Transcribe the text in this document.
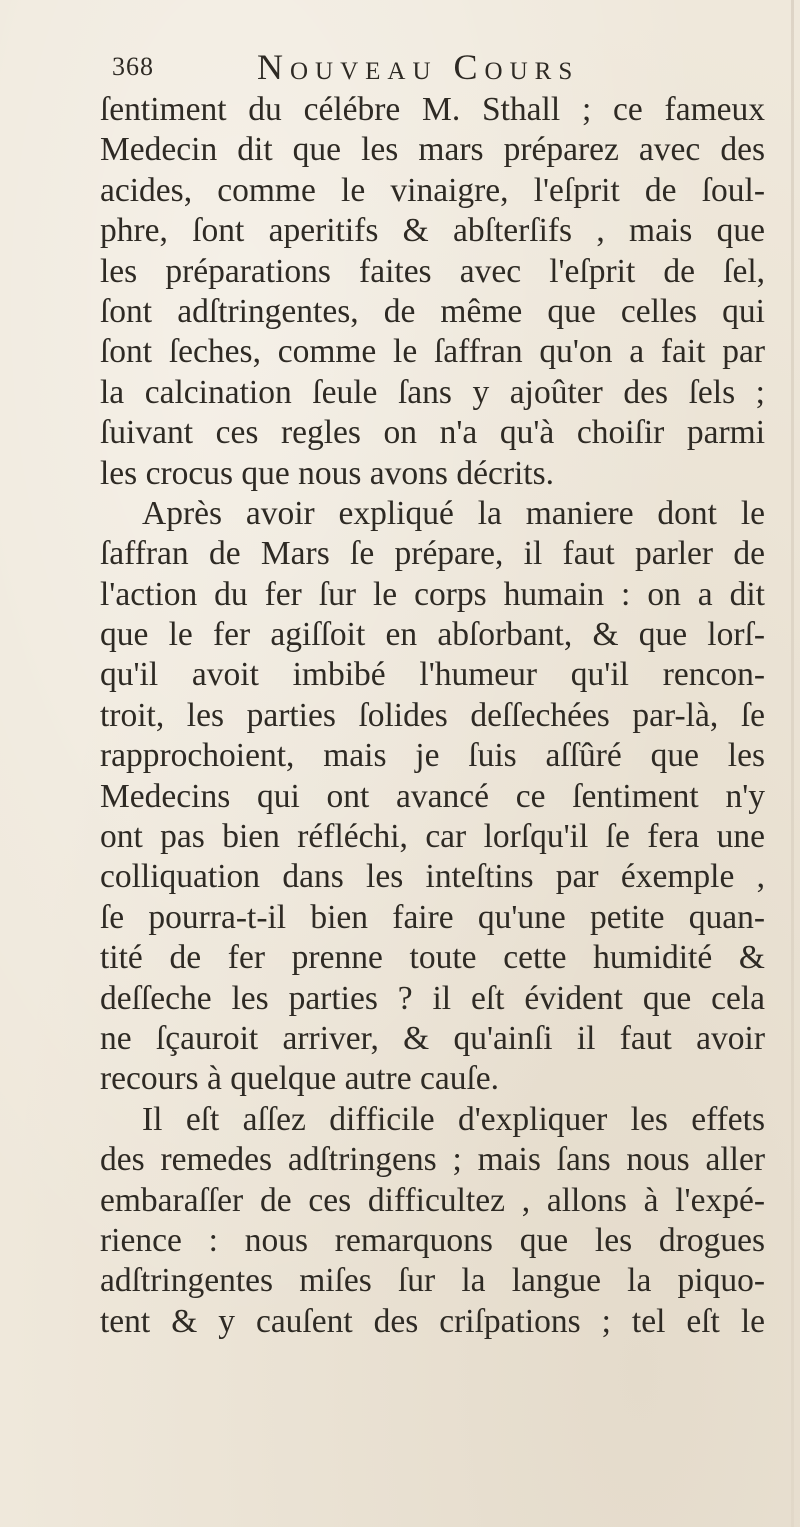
368	Nouveau Cours
ſentiment du célébre M. Sthall ; ce fameux
Medecin dit que les mars préparez avec des
acides, comme le vinaigre, l'eſprit de ſoul-
phre, ſont aperitifs & abſterſifs , mais que
les préparations faites avec l'eſprit de ſel,
ſont adſtringentes, de même que celles qui
ſont ſeches, comme le ſaffran qu'on a fait par
la calcination ſeule ſans y ajoûter des ſels ;
ſuivant ces regles on n'a qu'à choiſir parmi
les crocus que nous avons décrits.
Après avoir expliqué la maniere dont le
ſaffran de Mars ſe prépare, il faut parler de
l'action du fer ſur le corps humain : on a dit
que le fer agiſſoit en abſorbant, & que lorſ-
qu'il avoit imbibé l'humeur qu'il rencon-
troit, les parties ſolides deſſechées par-là, ſe
rapprochoient, mais je ſuis aſſûré que les
Medecins qui ont avancé ce ſentiment n'y
ont pas bien réfléchi, car lorſqu'il ſe fera une
colliquation dans les inteſtins par éxemple ,
ſe pourra-t-il bien faire qu'une petite quan-
tité de fer prenne toute cette humidité &
deſſeche les parties ? il eſt évident que cela
ne ſçauroit arriver, & qu'ainſi il faut avoir
recours à quelque autre cauſe.
Il eſt aſſez difficile d'expliquer les effets
des remedes adſtringens ; mais ſans nous aller
embaraſſer de ces difficultez , allons à l'expé-
rience : nous remarquons que les drogues
adſtringentes miſes ſur la langue la piquo-
tent & y cauſent des criſpations ; tel eſt le
